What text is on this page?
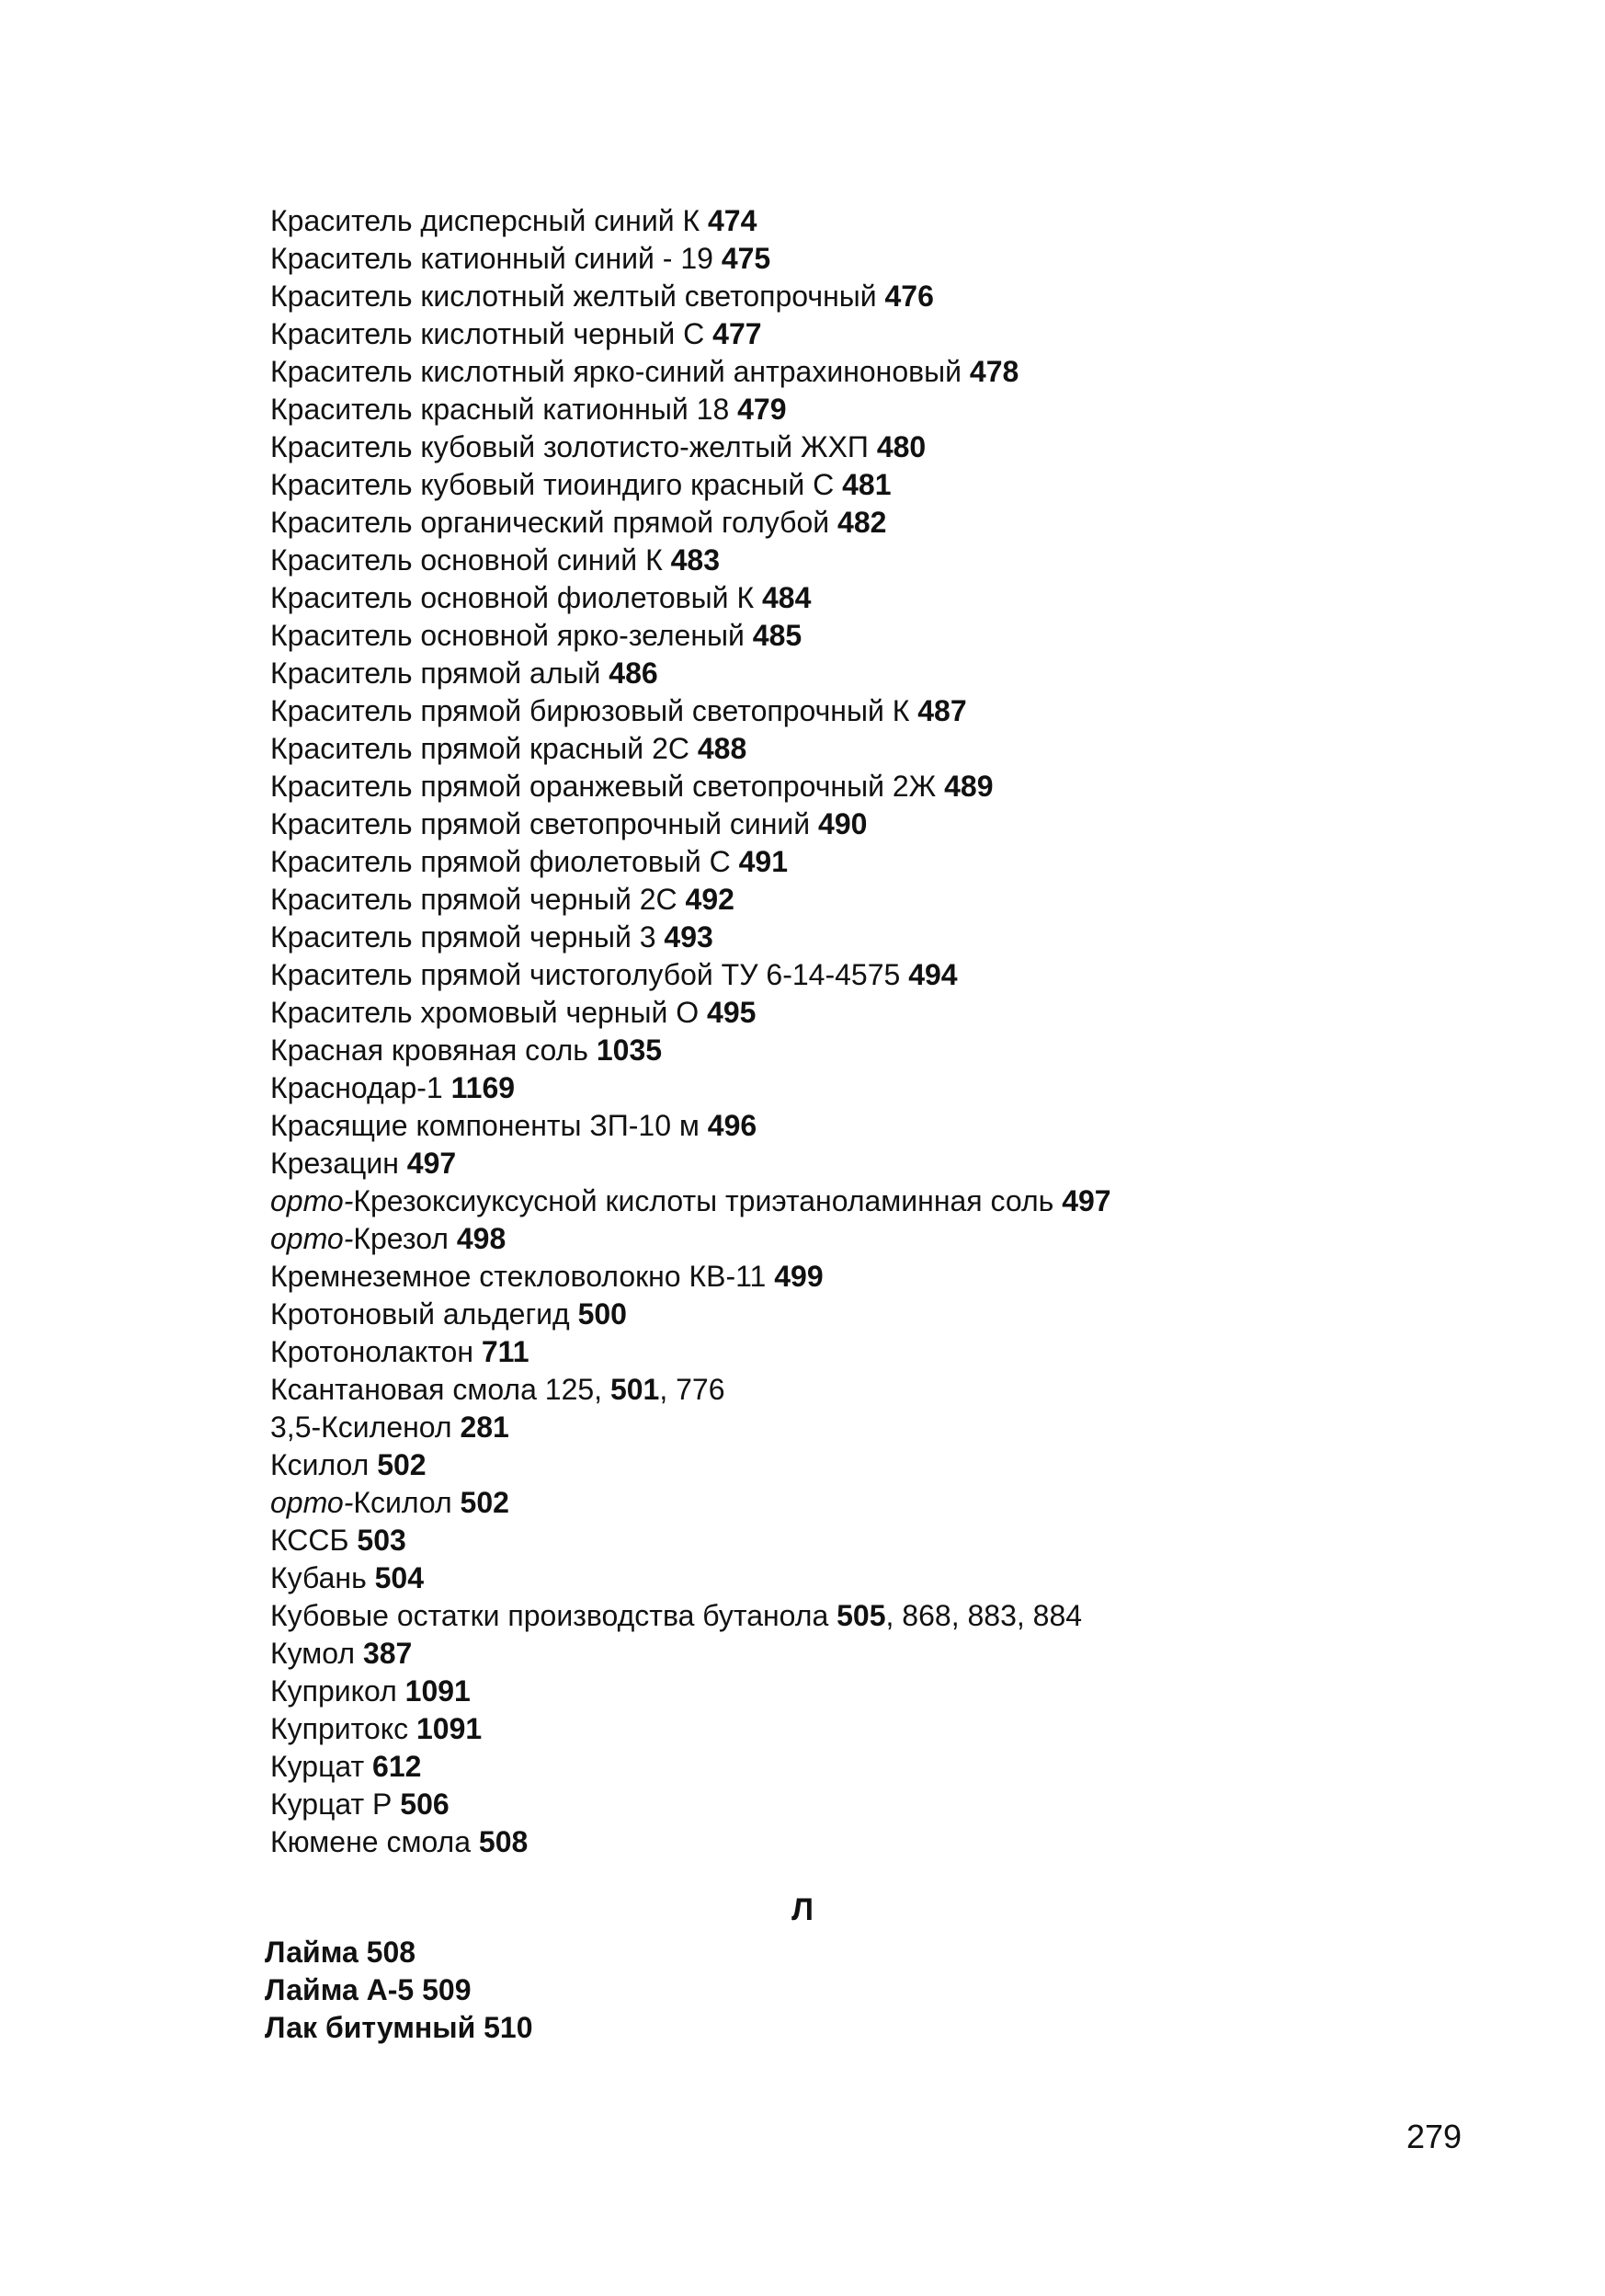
Краситель дисперсный синий К 474
Краситель катионный синий - 19 475
Краситель кислотный желтый светопрочный 476
Краситель кислотный черный С 477
Краситель кислотный ярко-синий антрахиноновый 478
Краситель красный катионный 18 479
Краситель кубовый золотисто-желтый ЖХП 480
Краситель кубовый тиоиндиго красный С 481
Краситель органический прямой голубой 482
Краситель основной синий К 483
Краситель основной фиолетовый К 484
Краситель основной ярко-зеленый 485
Краситель прямой алый 486
Краситель прямой бирюзовый светопрочный К 487
Краситель прямой красный 2С 488
Краситель прямой оранжевый светопрочный 2Ж 489
Краситель прямой светопрочный синий 490
Краситель прямой фиолетовый С 491
Краситель прямой черный 2С 492
Краситель прямой черный 3 493
Краситель прямой чистоголубой ТУ 6-14-4575 494
Краситель хромовый черный О 495
Красная кровяная соль 1035
Краснодар-1 1169
Красящие компоненты ЗП-10 м 496
Крезацин 497
орто-Крезоксиуксусной кислоты триэтаноламинная соль 497
орто-Крезол 498
Кремнеземное стекловолокно КВ-11 499
Кротоновый альдегид 500
Кротонолактон 711
Ксантановая смола 125, 501, 776
3,5-Ксиленол 281
Ксилол 502
орто-Ксилол 502
КССБ 503
Кубань 504
Кубовые остатки производства бутанола 505, 868, 883, 884
Кумол 387
Куприкол 1091
Купритокс 1091
Курцат 612
Курцат Р 506
Кюмене смола 508
Л
Лайма 508
Лайма А-5 509
Лак битумный 510
279
